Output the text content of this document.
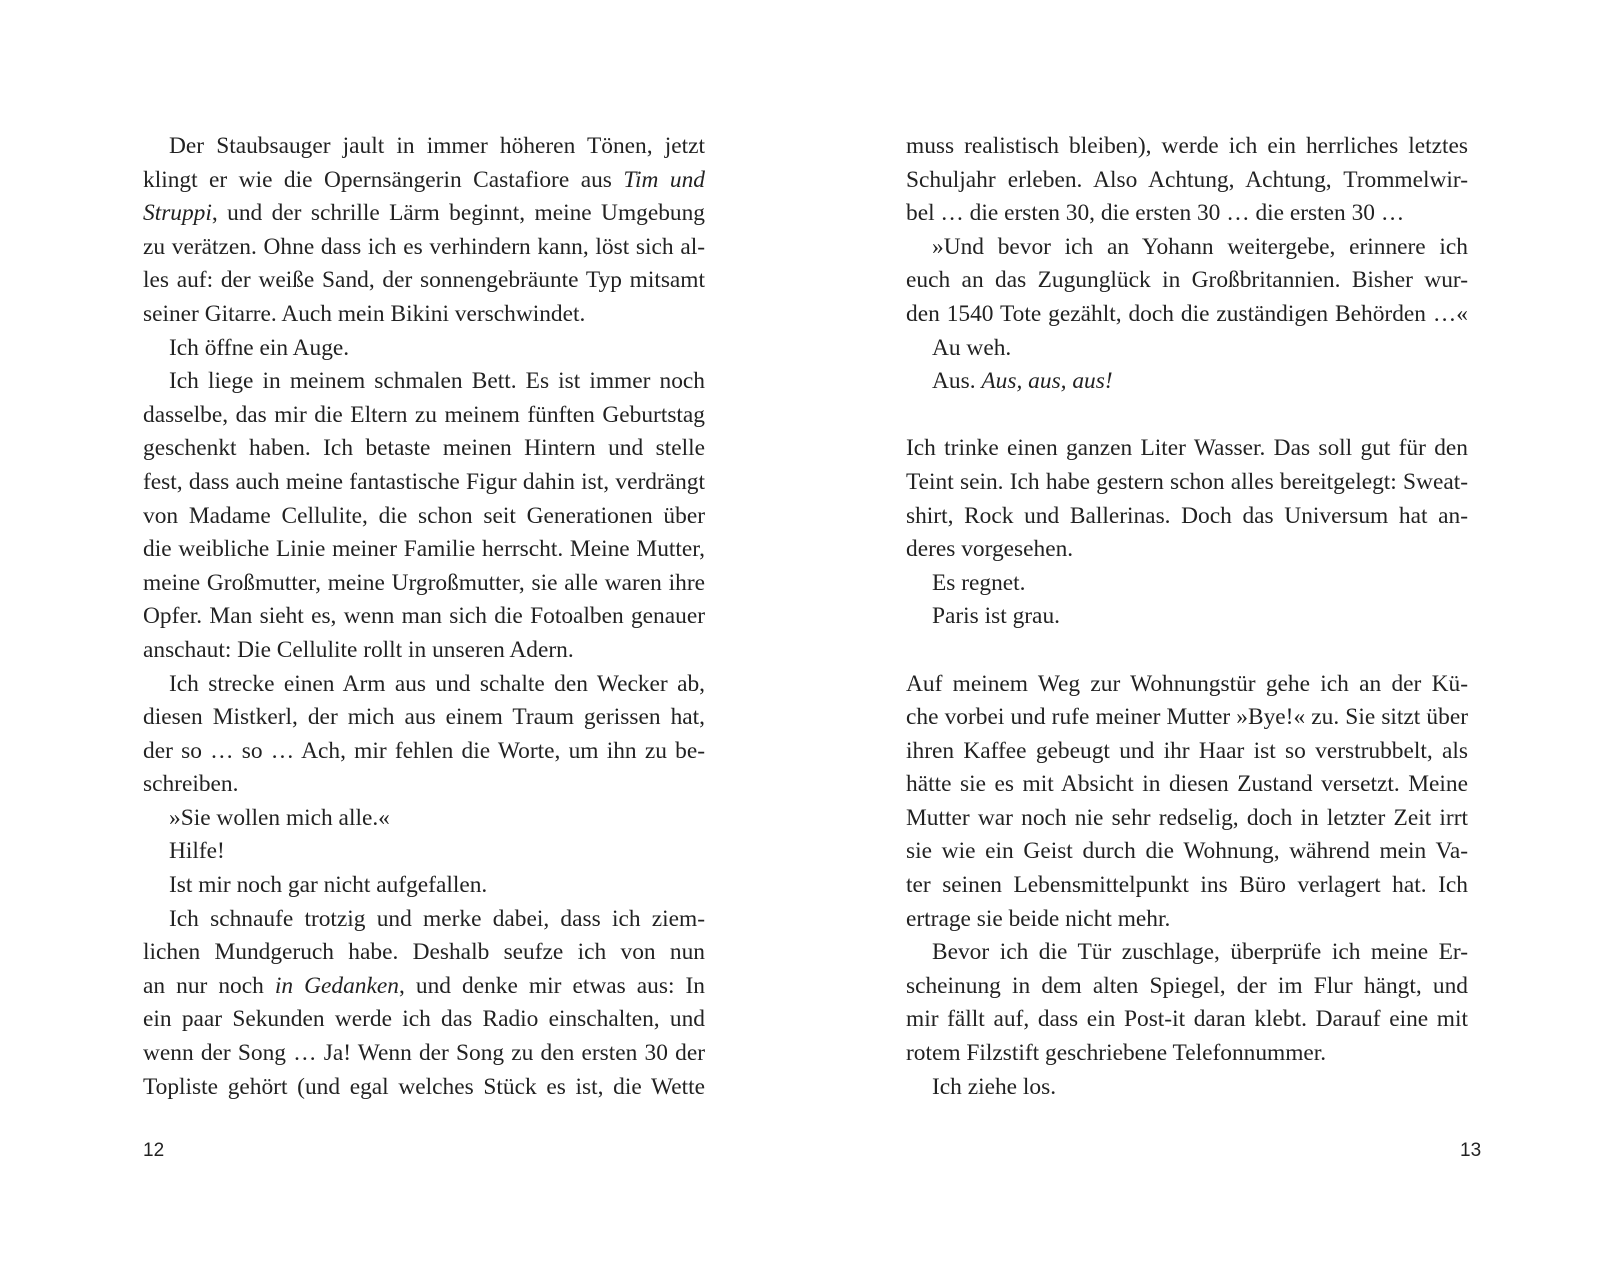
Der Staubsauger jault in immer höheren Tönen, jetzt
klingt er wie die Opernsängerin Castafiore aus Tim und
Struppi, und der schrille Lärm beginnt, meine Umgebung
zu verätzen. Ohne dass ich es verhindern kann, löst sich al-
les auf: der weiße Sand, der sonnengebräunte Typ mitsamt
seiner Gitarre. Auch mein Bikini verschwindet.
Ich öffne ein Auge.
Ich liege in meinem schmalen Bett. Es ist immer noch
dasselbe, das mir die Eltern zu meinem fünften Geburtstag
geschenkt haben. Ich betaste meinen Hintern und stelle
fest, dass auch meine fantastische Figur dahin ist, verdrängt
von Madame Cellulite, die schon seit Generationen über
die weibliche Linie meiner Familie herrscht. Meine Mutter,
meine Großmutter, meine Urgroßmutter, sie alle waren ihre
Opfer. Man sieht es, wenn man sich die Fotoalben genauer
anschaut: Die Cellulite rollt in unseren Adern.
Ich strecke einen Arm aus und schalte den Wecker ab,
diesen Mistkerl, der mich aus einem Traum gerissen hat,
der so … so … Ach, mir fehlen die Worte, um ihn zu be-
schreiben.
»Sie wollen mich alle.«
Hilfe!
Ist mir noch gar nicht aufgefallen.
Ich schnaufe trotzig und merke dabei, dass ich ziem-
lichen Mundgeruch habe. Deshalb seufze ich von nun
an nur noch in Gedanken, und denke mir etwas aus: In
ein paar Sekunden werde ich das Radio einschalten, und
wenn der Song … Ja! Wenn der Song zu den ersten 30 der
Topliste gehört (und egal welches Stück es ist, die Wette
12
muss realistisch bleiben), werde ich ein herrliches letztes
Schuljahr erleben. Also Achtung, Achtung, Trommelwir-
bel … die ersten 30, die ersten 30 … die ersten 30 …
»Und bevor ich an Yohann weitergebe, erinnere ich
euch an das Zugunglück in Großbritannien. Bisher wur-
den 1540 Tote gezählt, doch die zuständigen Behörden …«
Au weh.
Aus. Aus, aus, aus!
Ich trinke einen ganzen Liter Wasser. Das soll gut für den
Teint sein. Ich habe gestern schon alles bereitgelegt: Sweat-
shirt, Rock und Ballerinas. Doch das Universum hat an-
deres vorgesehen.
Es regnet.
Paris ist grau.
Auf meinem Weg zur Wohnungstür gehe ich an der Kü-
che vorbei und rufe meiner Mutter »Bye!« zu. Sie sitzt über
ihren Kaffee gebeugt und ihr Haar ist so verstrubbelt, als
hätte sie es mit Absicht in diesen Zustand versetzt. Meine
Mutter war noch nie sehr redselig, doch in letzter Zeit irrt
sie wie ein Geist durch die Wohnung, während mein Va-
ter seinen Lebensmittelpunkt ins Büro verlagert hat. Ich
ertrage sie beide nicht mehr.
Bevor ich die Tür zuschlage, überprüfe ich meine Er-
scheinung in dem alten Spiegel, der im Flur hängt, und
mir fällt auf, dass ein Post-it daran klebt. Darauf eine mit
rotem Filzstift geschriebene Telefonnummer.
Ich ziehe los.
13
